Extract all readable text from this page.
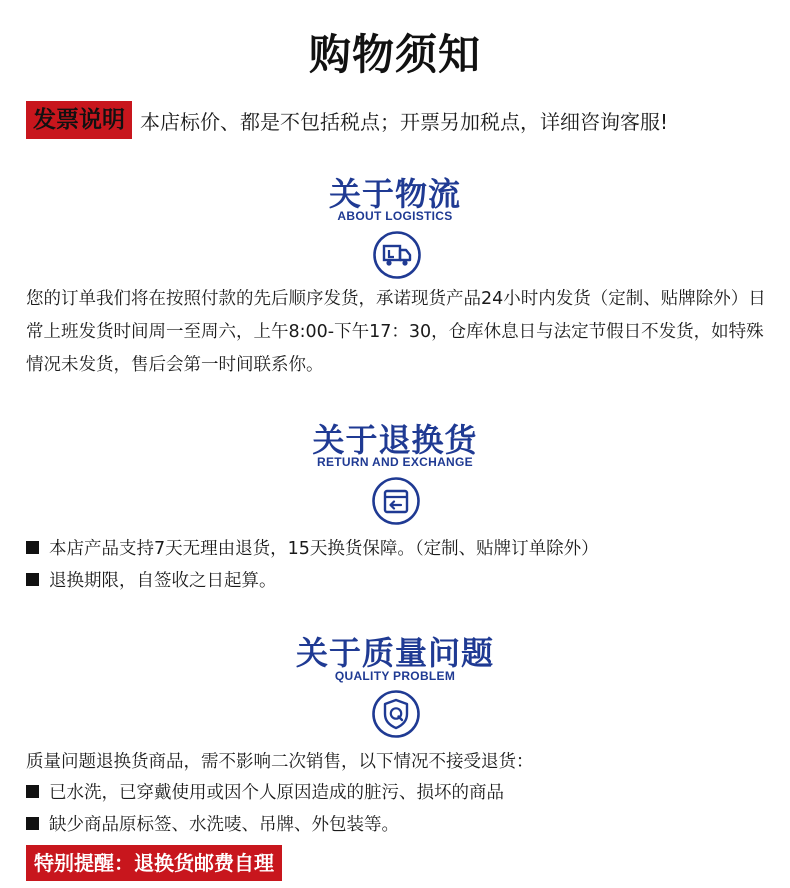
购物须知
发票说明 本店标价、都是不包括税点；开票另加税点，详细咨询客服!
关于物流
ABOUT LOGISTICS
您的订单我们将在按照付款的先后顺序发货，承诺现货产品24小时内发货（定制、贴牌除外）日常上班发货时间周一至周六，上午8:00-下午17：30，仓库休息日与法定节假日不发货，如特殊情况未发货，售后会第一时间联系你。
关于退换货
RETURN AND EXCHANGE
本店产品支持7天无理由退货，15天换货保障。（定制、贴牌订单除外）
退换期限，自签收之日起算。
关于质量问题
QUALITY PROBLEM
质量问题退换货商品，需不影响二次销售，以下情况不接受退货：
已水洗，已穿戴使用或因个人原因造成的脏污、损坏的商品
缺少商品原标签、水洗唛、吊牌、外包装等。
特别提醒：退换货邮费自理
